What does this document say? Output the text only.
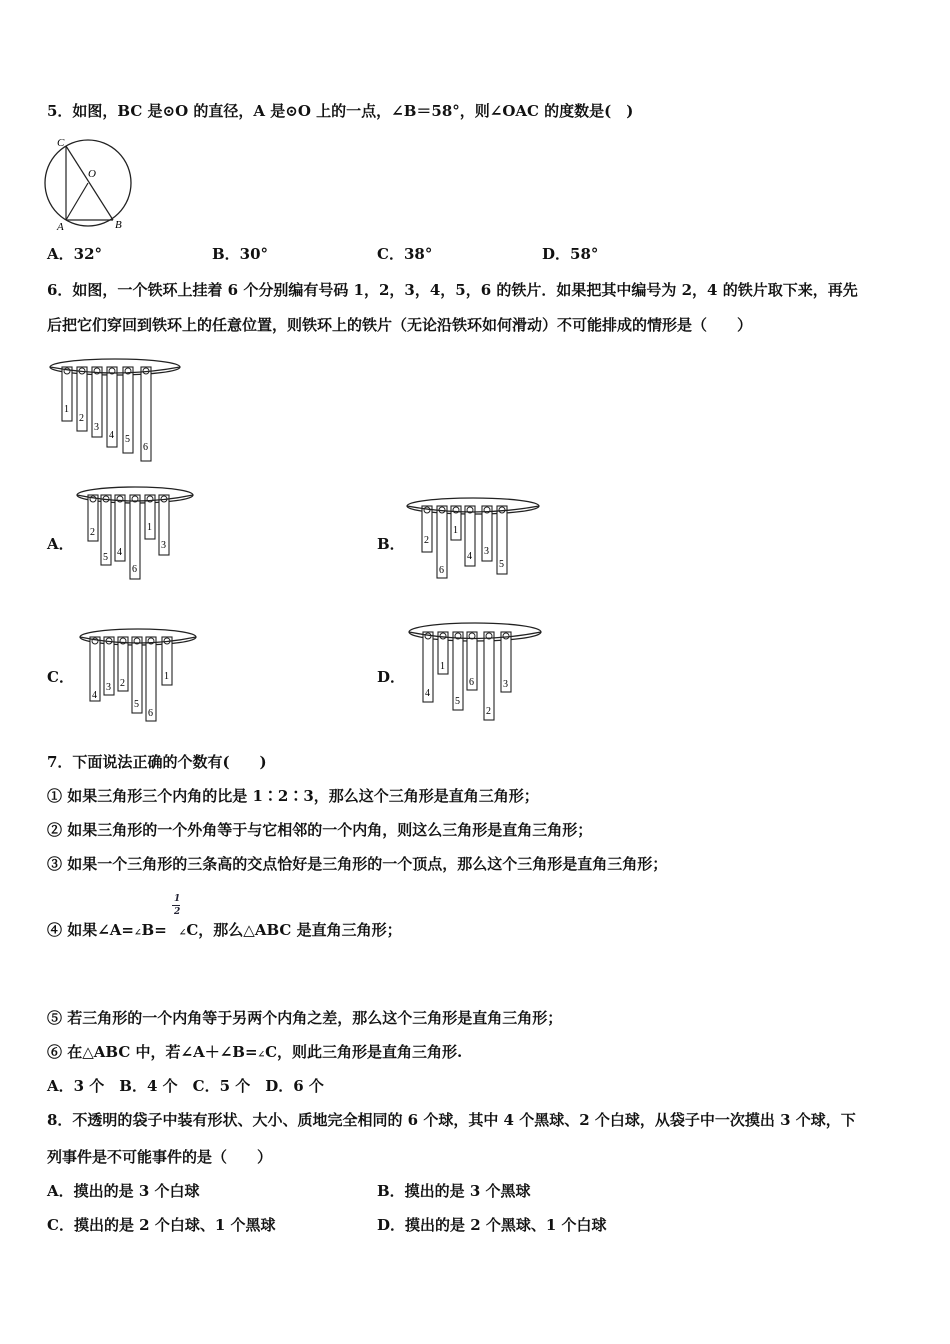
5．如图，BC 是⊙O 的直径，A 是⊙O 上的一点，∠B＝58°，则∠OAC 的度数是(　)
C
O
A	B
A．32°	B．30°	C．38°	D．58°
6．如图，一个铁环上挂着 6 个分别编有号码 1，2，3，4，5，6 的铁片．如果把其中编号为 2，4 的铁片取下来，再先
后把它们穿回到铁环上的任意位置，则铁环上的铁片（无论沿铁环如何滑动）不可能排成的情形是（　　）
1
2
3
4 5
6
A．
2
5 4
6
1
3	B． 2
6
1
4 3
5
C．
4
3 2
5
6
1	D．
4
1
5
6
2
3
7．下面说法正确的个数有(　　)
① 如果三角形三个内角的比是 1∶2∶3，那么这个三角形是直角三角形；
② 如果三角形的一个外角等于与它相邻的一个内角，则这么三角形是直角三角形；
③ 如果一个三角形的三条高的交点恰好是三角形的一个顶点，那么这个三角形是直角三角形；
④ 如果∠A=∠B= ∠C，那么△ABC 是直角三角形；
1
2
⑤ 若三角形的一个内角等于另两个内角之差，那么这个三角形是直角三角形；
⑥ 在△ABC 中，若∠A＋∠B=∠C，则此三角形是直角三角形.
A．3 个　B．4 个　C．5 个　D．6 个
8．不透明的袋子中装有形状、大小、质地完全相同的 6 个球，其中 4 个黑球、2 个白球，从袋子中一次摸出 3 个球，下
列事件是不可能事件的是（　　）
A．摸出的是 3 个白球	B．摸出的是 3 个黑球
C．摸出的是 2 个白球、1 个黑球	D．摸出的是 2 个黑球、1 个白球
